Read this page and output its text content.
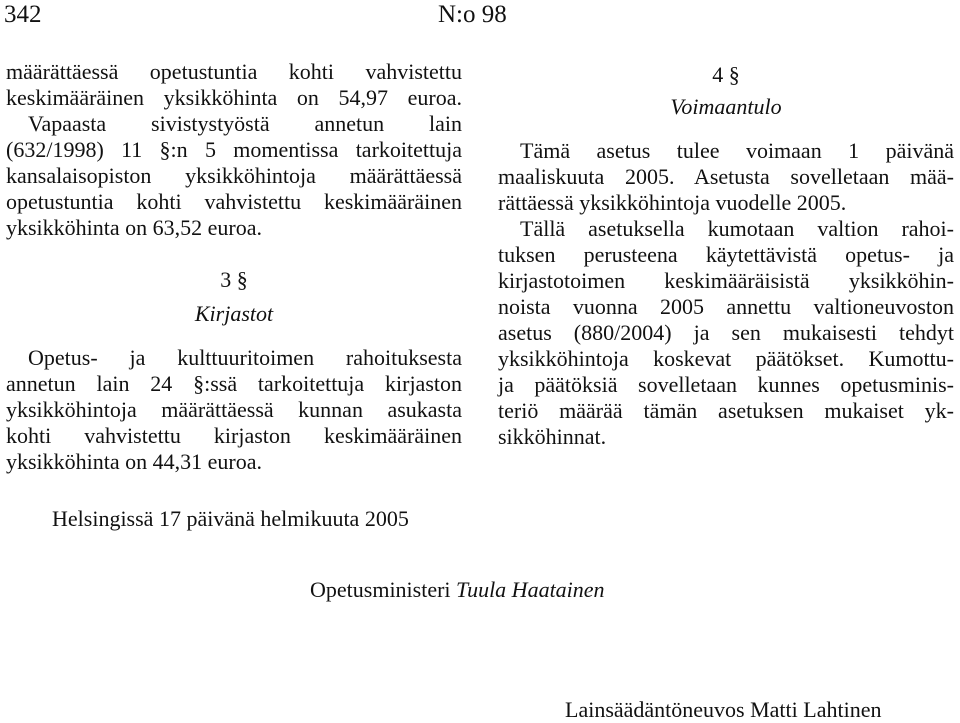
342	N:o 98
määrättäessä opetustuntia kohti vahvistettu
keskimääräinen yksikköhinta on 54,97 euroa.
Vapaasta sivistystyöstä annetun lain
(632/1998) 11 §:n 5 momentissa tarkoitettuja
kansalaisopiston yksikköhintoja määrättäessä
opetustuntia kohti vahvistettu keskimääräinen
yksikköhinta on 63,52 euroa.
3 §
Kirjastot
Opetus- ja kulttuuritoimen rahoituksesta
annetun lain 24 §:ssä tarkoitettuja kirjaston
yksikköhintoja määrättäessä kunnan asukasta
kohti vahvistettu kirjaston keskimääräinen
yksikköhinta on 44,31 euroa.
4 §
Voimaantulo
Tämä asetus tulee voimaan 1 päivänä
maaliskuuta 2005. Asetusta sovelletaan mää-
rättäessä yksikköhintoja vuodelle 2005.
Tällä asetuksella kumotaan valtion rahoi-
tuksen perusteena käytettävistä opetus- ja
kirjastotoimen keskimääräisistä yksikköhin-
noista vuonna 2005 annettu valtioneuvoston
asetus (880/2004) ja sen mukaisesti tehdyt
yksikköhintoja koskevat päätökset. Kumottu-
ja päätöksiä sovelletaan kunnes opetusminis-
teriö määrää tämän asetuksen mukaiset yk-
sikköhinnat.
Helsingissä 17 päivänä helmikuuta 2005
Opetusministeri Tuula Haatainen
Lainsäädäntöneuvos Matti Lahtinen
